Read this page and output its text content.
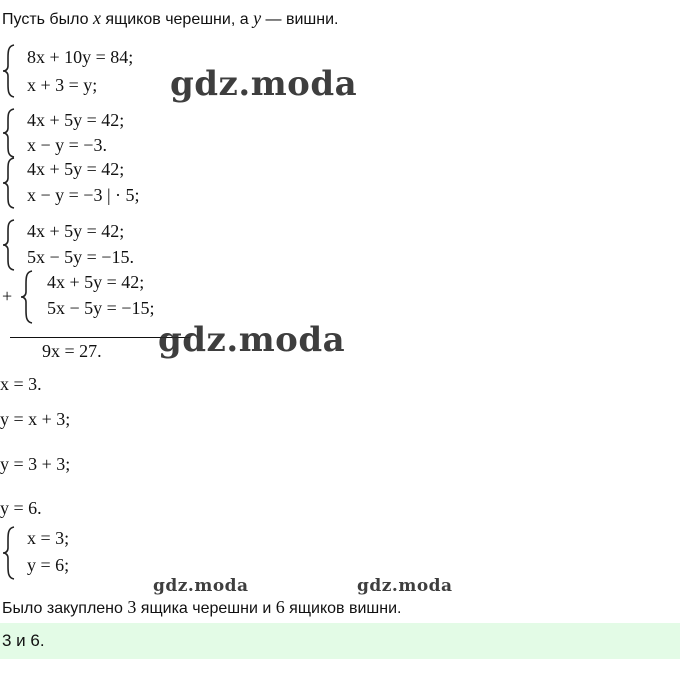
Пусть было x ящиков черешни, а y — вишни.
8x + 10y = 84;
x + 3 = y;
4x + 5y = 42;
x − y = −3.
4x + 5y = 42;
x − y = −3 | · 5;
4x + 5y = 42;
5x − 5y = −15.
+
4x + 5y = 42;
5x − 5y = −15;
9x = 27.
x = 3.
y = x + 3;
y = 3 + 3;
y = 6.
x = 3;
y = 6;
Было закуплено 3 ящика черешни и 6 ящиков вишни.
3 и 6.
gdz.moda
gdz.moda
gdz.moda	gdz.moda
